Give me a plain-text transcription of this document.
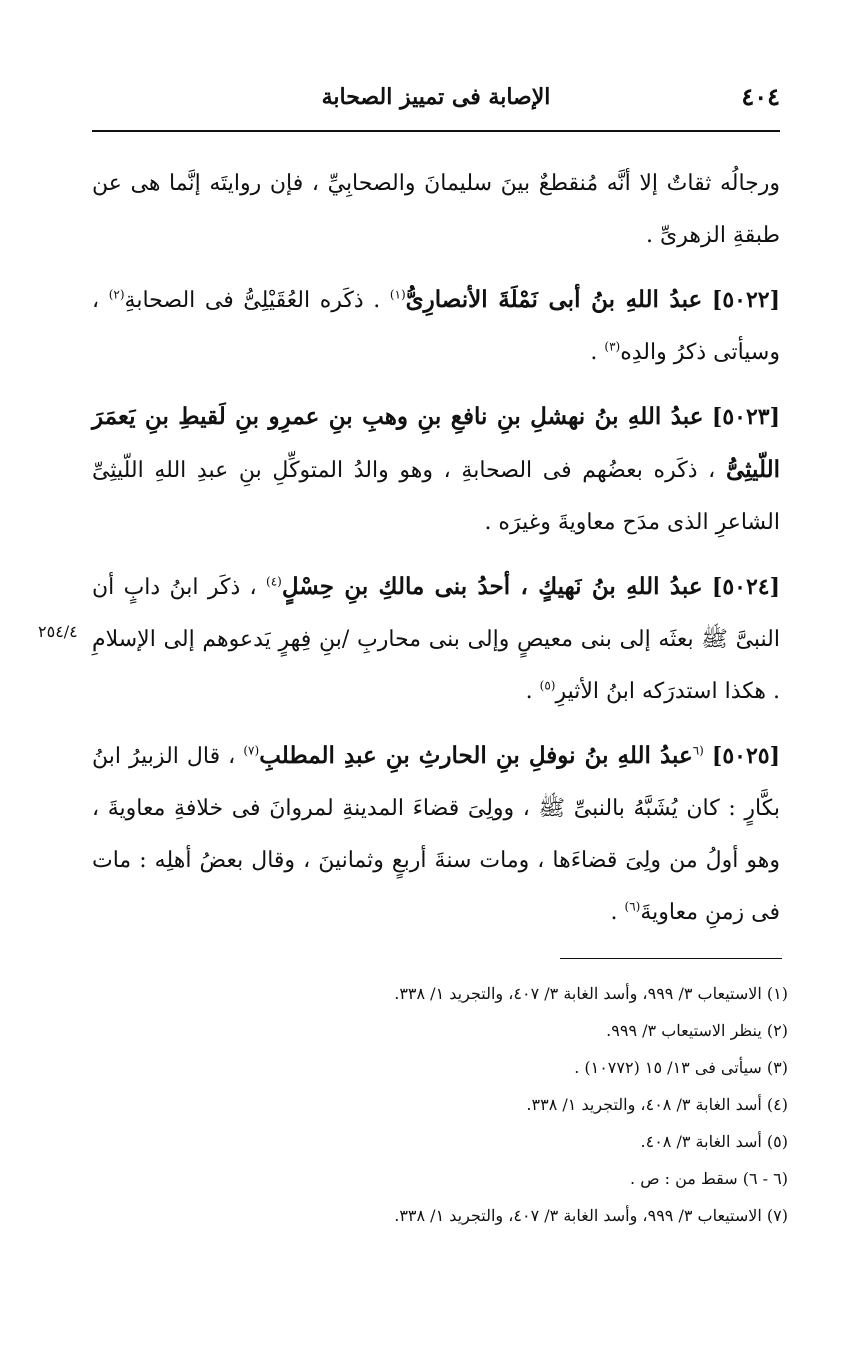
٤٠٤
الإصابة فى تمييز الصحابة
٢٥٤/٤

ورجالُه ثقاتٌ إلا أنَّه مُنقطعٌ بينَ سليمانَ والصحابِيِّ ، فإن روايتَه إنَّما هى عن طبقةِ الزهرىِّ .

[٥٠٢٢] عبدُ اللهِ بنُ أبى نَمْلَةَ الأنصارِىُّ$^{(١)}$ . ذكَره العُقَيْلِىُّ فى الصحابةِ$^{(٢)}$ ، وسيأتى ذكرُ والدِه$^{(٣)}$ .

[٥٠٢٣] عبدُ اللهِ بنُ نهشلِ بنِ نافعِ بنِ وهبِ بنِ عمرِو بنِ لَقيطِ بنِ يَعمَرَ اللّيثِىُّ ، ذكَره بعضُهم فى الصحابةِ ، وهو والدُ المتوكِّلِ بنِ عبدِ اللهِ اللّيثِىِّ الشاعرِ الذى مدَح معاويةَ وغيرَه .

[٥٠٢٤] عبدُ اللهِ بنُ نَهيكٍ ، أحدُ بنى مالكِ بنِ حِسْلٍ$^{(٤)}$ ، ذكَر ابنُ دابٍ أن النبىَّ ﷺ بعثَه إلى بنى معيصٍ وإلى بنى محاربِ /بنِ فِهرٍ يَدعوهم إلى الإسلامِ . هكذا استدرَكه ابنُ الأثيرِ$^{(٥)}$ .

[٥٠٢٥] $^{(٦}$عبدُ اللهِ بنُ نوفلِ بنِ الحارثِ بنِ عبدِ المطلبِ$^{(٧)}$ ، قال الزبيرُ ابنُ بكَّارٍ : كان يُشَبَّهُ بالنبىِّ ﷺ ، وولِىَ قضاءَ المدينةِ لمروانَ فى خلافةِ معاويةَ ، وهو أولُ من ولِىَ قضاءَها ، ومات سنةَ أربعٍ وثمانينَ ، وقال بعضُ أهلِه : مات فى زمنِ معاويةَ$^{(٦)}$ .

(١) الاستيعاب ٣/ ٩٩٩، وأسد الغابة ٣/ ٤٠٧، والتجريد ١/ ٣٣٨.
(٢) ينظر الاستيعاب ٣/ ٩٩٩.
(٣) سيأتى فى ١٣/ ١٥ (١٠٧٧٢) .
(٤) أسد الغابة ٣/ ٤٠٨، والتجريد ١/ ٣٣٨.
(٥) أسد الغابة ٣/ ٤٠٨.
(٦ - ٦) سقط من : ص .
(٧) الاستيعاب ٣/ ٩٩٩، وأسد الغابة ٣/ ٤٠٧، والتجريد ١/ ٣٣٨.
